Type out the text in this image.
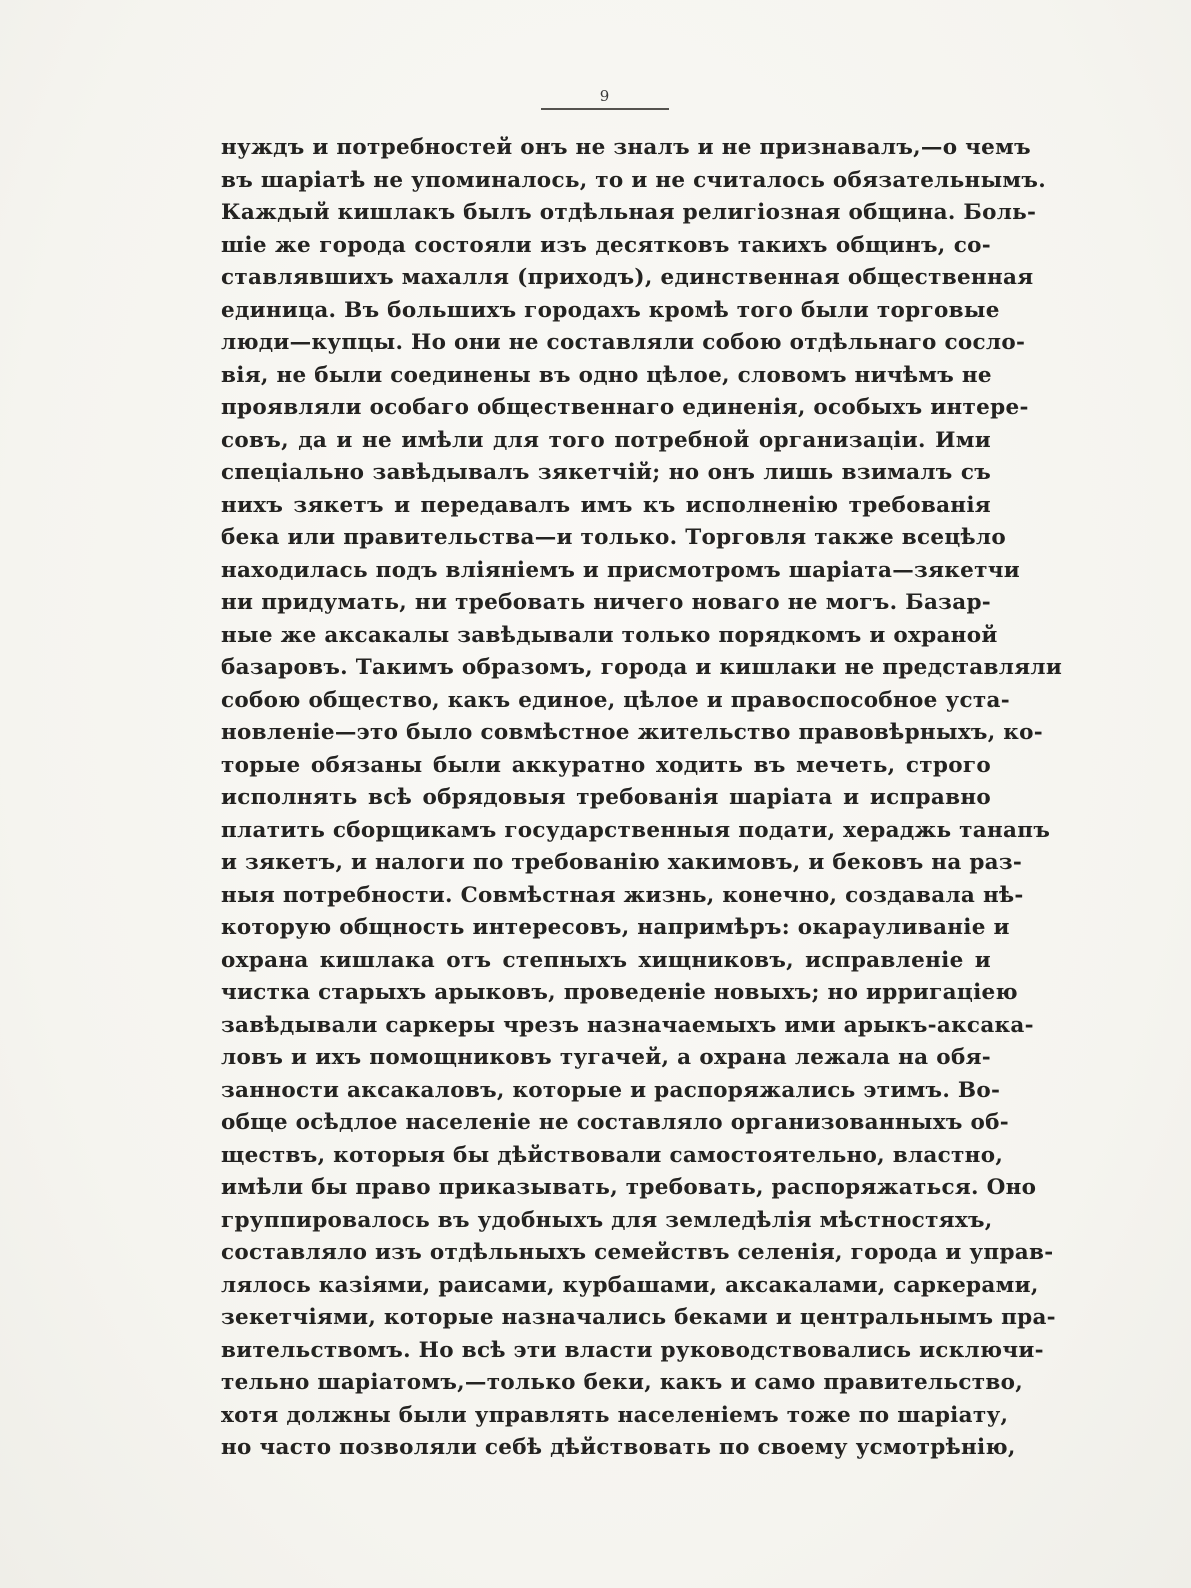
9
нуждъ и потребностей онъ не зналъ и не признавалъ,—о чемъ
въ шаріатѣ не упоминалось, то и не считалось обязательнымъ.
Каждый кишлакъ былъ отдѣльная религіозная община. Боль-
шіе же города состояли изъ десятковъ такихъ общинъ, со-
ставлявшихъ махалля (приходъ), единственная общественная
единица. Въ большихъ городахъ кромѣ того были торговые
люди—купцы. Но они не составляли собою отдѣльнаго сосло-
вія, не были соединены въ одно цѣлое, словомъ ничѣмъ не
проявляли особаго общественнаго единенія, особыхъ интере-
совъ, да и не имѣли для того потребной организаціи. Ими
спеціально завѣдывалъ зякетчій; но онъ лишь взималъ съ
нихъ зякетъ и передавалъ имъ къ исполненію требованія
бека или правительства—и только. Торговля также всецѣло
находилась подъ вліяніемъ и присмотромъ шаріата—зякетчи
ни придумать, ни требовать ничего новаго не могъ. Базар-
ные же аксакалы завѣдывали только порядкомъ и охраной
базаровъ. Такимъ образомъ, города и кишлаки не представляли
собою общество, какъ единое, цѣлое и правоспособное уста-
новленіе—это было совмѣстное жительство правовѣрныхъ, ко-
торые обязаны были аккуратно ходить въ мечеть, строго
исполнять всѣ обрядовыя требованія шаріата и исправно
платить сборщикамъ государственныя подати, хераджь танапъ
и зякетъ, и налоги по требованію хакимовъ, и бековъ на раз-
ныя потребности. Совмѣстная жизнь, конечно, создавала нѣ-
которую общность интересовъ, напримѣръ: окарауливаніе и
охрана кишлака отъ степныхъ хищниковъ, исправленіе и
чистка старыхъ арыковъ, проведеніе новыхъ; но ирригаціею
завѣдывали саркеры чрезъ назначаемыхъ ими арыкъ-аксака-
ловъ и ихъ помощниковъ тугачей, а охрана лежала на обя-
занности аксакаловъ, которые и распоряжались этимъ. Во-
обще осѣдлое населеніе не составляло организованныхъ об-
ществъ, которыя бы дѣйствовали самостоятельно, властно,
имѣли бы право приказывать, требовать, распоряжаться. Оно
группировалось въ удобныхъ для земледѣлія мѣстностяхъ,
составляло изъ отдѣльныхъ семействъ селенія, города и управ-
лялось казіями, раисами, курбашами, аксакалами, саркерами,
зекетчіями, которые назначались беками и центральнымъ пра-
вительствомъ. Но всѣ эти власти руководствовались исключи-
тельно шаріатомъ,—только беки, какъ и само правительство,
хотя должны были управлять населеніемъ тоже по шаріату,
но часто позволяли себѣ дѣйствовать по своему усмотрѣнію,
